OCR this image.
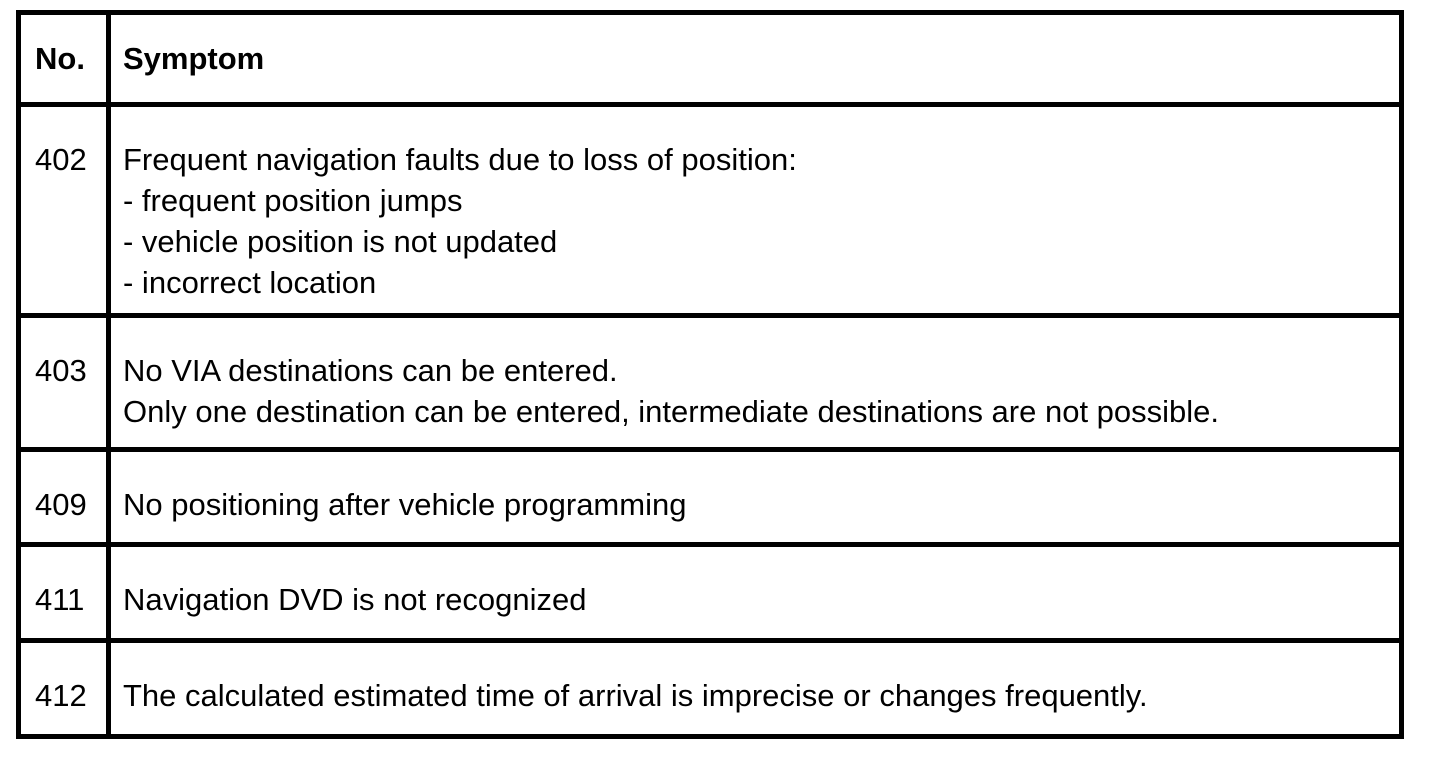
No.	Symptom

402	Frequent navigation faults due to loss of position:
- frequent position jumps
- vehicle position is not updated
- incorrect location

403	No VIA destinations can be entered.
Only one destination can be entered, intermediate destinations are not possible.

409	No positioning after vehicle programming

411	Navigation DVD is not recognized

412	The calculated estimated time of arrival is imprecise or changes frequently.
